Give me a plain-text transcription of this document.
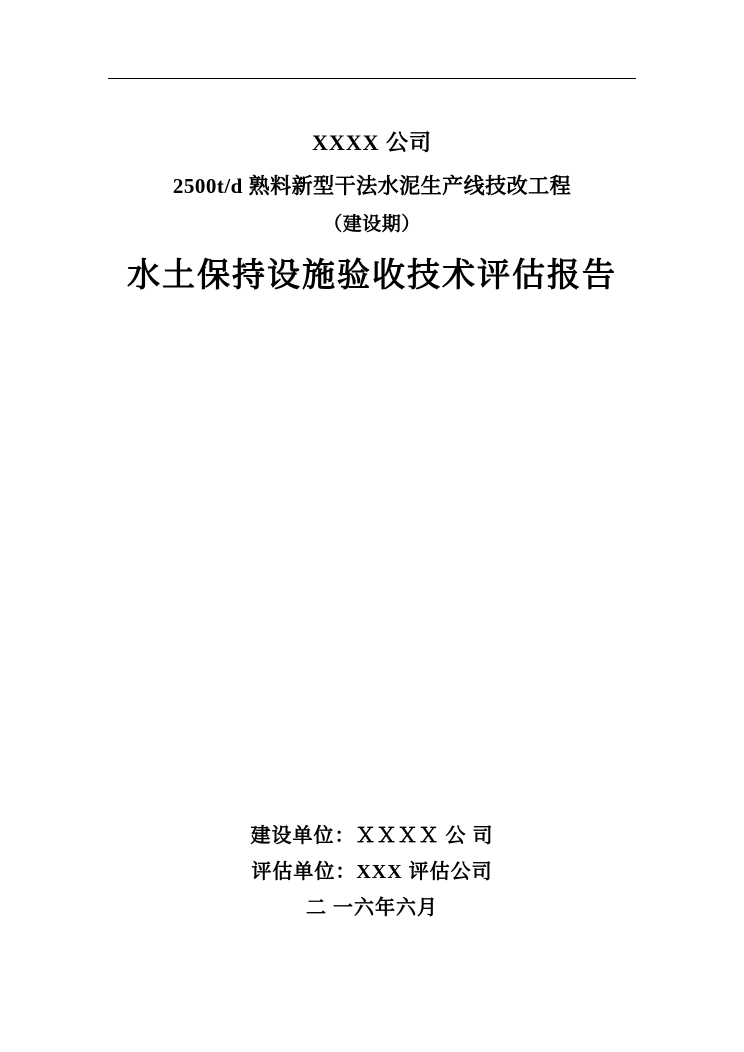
XXXX 公司
2500t/d 熟料新型干法水泥生产线技改工程
（建设期）
水土保持设施验收技术评估报告
建设单位：ＸＸＸＸ 公 司
评估单位：XXX 评估公司
二 一六年六月
